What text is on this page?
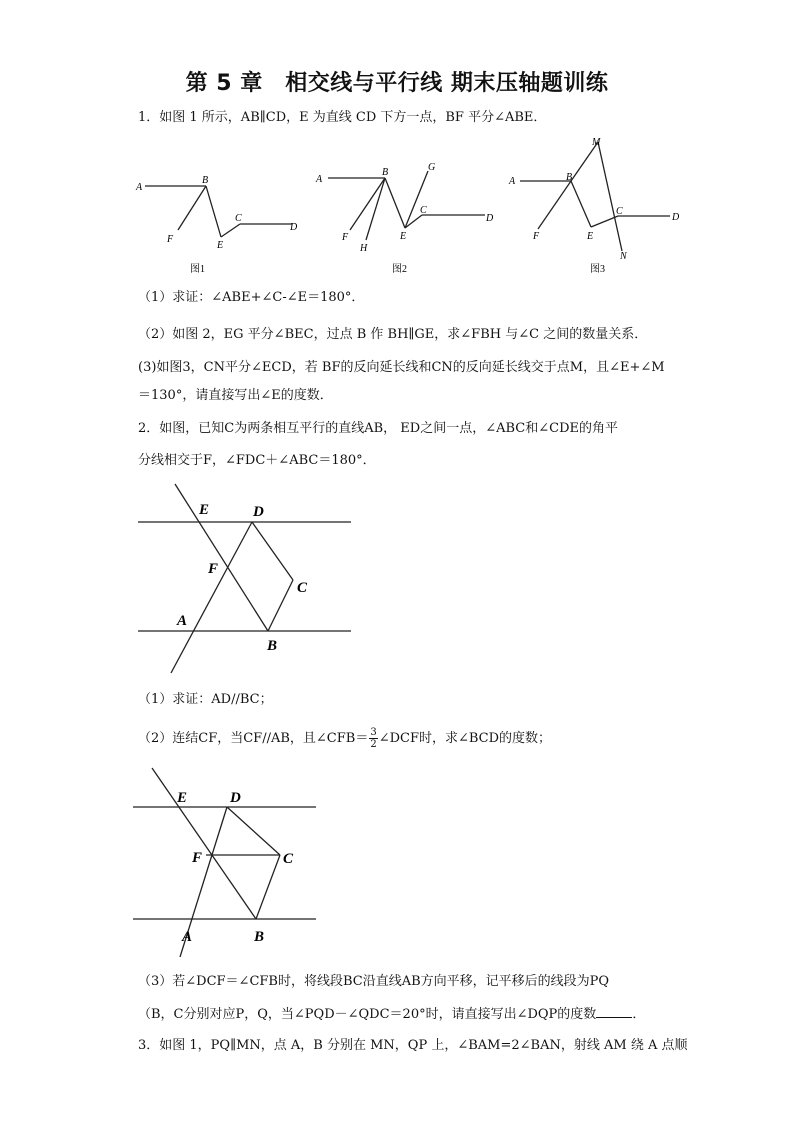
第 5 章　相交线与平行线 期末压轴题训练
1．如图 1 所示，AB∥CD，E 为直线 CD 下方一点，BF 平分∠ABE．
A
B
F
E
C
D
图1
A
B	G
F
H
E
C
D
图2
A	B
M
F	E
C
D
N
图3
（1）求证：∠ABE+∠C-∠E＝180°．
（2）如图 2，EG 平分∠BEC，过点 B 作 BH∥GE，求∠FBH 与∠C 之间的数量关系．
(3)如图3，CN平分∠ECD，若 BF的反向延长线和CN的反向延长线交于点M，且∠E+∠M
＝130°，请直接写出∠E的度数．
2．如图，已知C为两条相互平行的直线AB， ED之间一点，∠ABC和∠CDE的角平
分线相交于F，∠FDC＋∠ABC＝180°．
E	D
F
C
A
B
（1）求证：AD//BC；
（2）连结CF，当CF//AB，且∠CFB＝ $\frac{3}{2}$ ∠DCF时，求∠BCD的度数；
E	D
F	C
A	B
（3）若∠DCF＝∠CFB时，将线段BC沿直线AB方向平移，记平移后的线段为PQ
（B，C分别对应P，Q，当∠PQD－∠QDC＝20°时，请直接写出∠DQP的度数	．
3．如图 1，PQ∥MN，点 A，B 分别在 MN，QP 上，∠BAM=2∠BAN，射线 AM 绕 A 点顺
